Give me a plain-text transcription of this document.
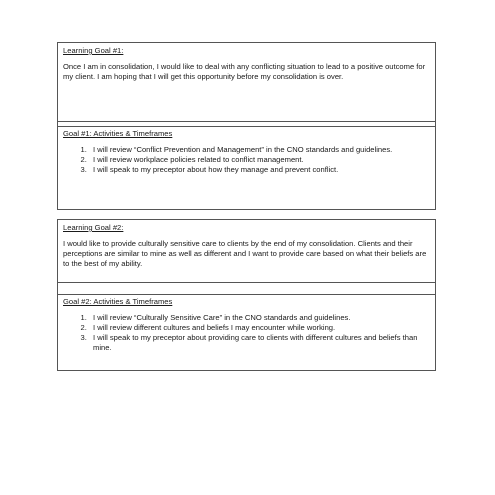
Learning Goal #1:

Once I am in consolidation, I would like to deal with any conflicting situation to lead to a positive outcome for my client. I am hoping that I will get this opportunity before my consolidation is over.

Goal #1: Activities & Timeframes

1. I will review “Conflict Prevention and Management” in the CNO standards and guidelines.
2. I will review workplace policies related to conflict management.
3. I will speak to my preceptor about how they manage and prevent conflict.

Learning Goal #2:

I would like to provide culturally sensitive care to clients by the end of my consolidation. Clients and their perceptions are similar to mine as well as different and I want to provide care based on what their beliefs are to the best of my ability.

Goal #2: Activities & Timeframes

1. I will review “Culturally Sensitive Care” in the CNO standards and guidelines.
2. I will review different cultures and beliefs I may encounter while working.
3. I will speak to my preceptor about providing care to clients with different cultures and beliefs than mine.
